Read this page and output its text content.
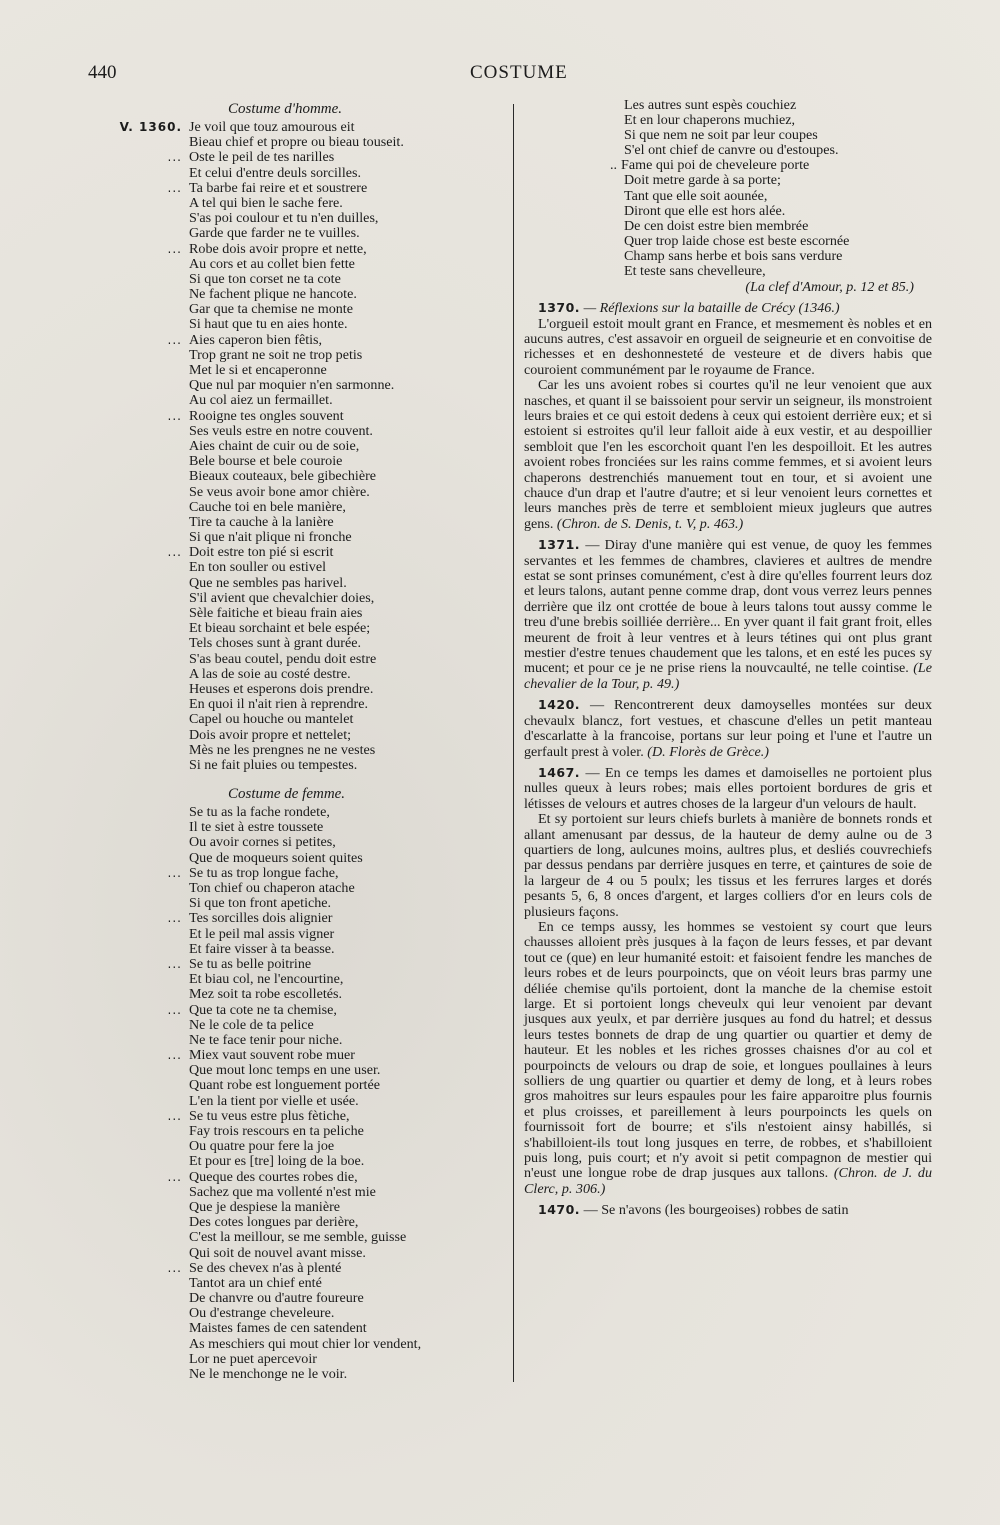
440	COSTUME
Costume d'homme.
V. 1360. Je voil que touz amourous eit
Bieau chief et propre ou bieau touseit.
... Oste le peil de tes narilles
Et celui d'entre deuls sorcilles.
... Ta barbe fai reire et et soustrere
A tel qui bien le sache fere.
S'as poi coulour et tu n'en duilles,
Garde que farder ne te vuilles.
... Robe dois avoir propre et nette,
Au cors et au collet bien fette
Si que ton corset ne ta cote
Ne fachent plique ne hancote.
Gar que ta chemise ne monte
Si haut que tu en aies honte.
... Aies caperon bien fêtis,
Trop grant ne soit ne trop petis
Met le si et encaperonne
Que nul par moquier n'en sarmonne.
Au col aiez un fermaillet.
... Rooigne tes ongles souvent
Ses veuls estre en notre couvent.
Aies chaint de cuir ou de soie,
Bele bourse et bele couroie
Bieaux couteaux, bele gibechière
Se veus avoir bone amor chière.
Cauche toi en bele manière,
Tire ta cauche à la lanière
Si que n'ait plique ni fronche
... Doit estre ton pié si escrit
En ton souller ou estivel
Que ne sembles pas harivel.
S'il avient que chevalchier doies,
Sèle faitiche et bieau frain aies
Et bieau sorchaint et bele espée;
Tels choses sunt à grant durée.
S'as beau coutel, pendu doit estre
A las de soie au costé destre.
Heuses et esperons dois prendre.
En quoi il n'ait rien à reprendre.
Capel ou houche ou mantelet
Dois avoir propre et nettelet;
Mès ne les prengnes ne ne vestes
Si ne fait pluies ou tempestes.
Costume de femme.
Se tu as la fache rondete,
Il te siet à estre toussete
Ou avoir cornes si petites,
Que de moqueurs soient quites
... Se tu as trop longue fache,
Ton chief ou chaperon atache
Si que ton front apetiche.
... Tes sorcilles dois alignier
Et le peil mal assis vigner
Et faire visser à ta beasse.
... Se tu as belle poitrine
Et biau col, ne l'encourtine,
Mez soit ta robe escolletés.
... Que ta cote ne ta chemise,
Ne le cole de ta pelice
Ne te face tenir pour niche.
... Miex vaut souvent robe muer
Que mout lonc temps en une user.
Quant robe est longuement portée
L'en la tient por vielle et usée.
... Se tu veus estre plus fètiche,
Fay trois rescours en ta peliche
Ou quatre pour fere la joe
Et pour es [tre] loing de la boe.
... Queque des courtes robes die,
Sachez que ma vollenté n'est mie
Que je despiese la manière
Des cotes longues par derière,
C'est la meillour, se me semble, guisse
Qui soit de nouvel avant misse.
... Se des chevex n'as à plenté
Tantot ara un chief enté
De chanvre ou d'autre foureure
Ou d'estrange cheveleure.
Maistes fames de cen satendent
As meschiers qui mout chier lor vendent,
Lor ne puet apercevoir
Ne le menchonge ne le voir.
Les autres sunt espès couchiez
Et en lour chaperons muchiez,
Si que nem ne soit par leur coupes
S'el ont chief de canvre ou d'estoupes.
.. Fame qui poi de cheveleure porte
Doit metre garde à sa porte;
Tant que elle soit aounée,
Diront que elle est hors alée.
De cen doist estre bien membrée
Quer trop laide chose est beste escornée
Champ sans herbe et bois sans verdure
Et teste sans chevelleure,
(La clef d'Amour, p. 12 et 85.)

1370. — Réflexions sur la bataille de Crécy (1346.)

L'orgueil estoit moult grant en France, et mesmement ès nobles et en aucuns autres, c'est assavoir en orgueil de seigneurie et en convoitise de richesses et en deshonnesteté de vesteure et de divers habis que couroient communément par le royaume de France.

Car les uns avoient robes si courtes qu'il ne leur venoient que aux nasches, et quant il se baissoient pour servir un seigneur, ils monstroient leurs braies et ce qui estoit dedens à ceux qui estoient derrière eux; et si estoient si estroites qu'il leur falloit aide à eux vestir, et au despoillier sembloit que l'en les escorchoit quant l'en les despoilloit. Et les autres avoient robes fronciées sur les rains comme femmes, et si avoient leurs chaperons destrenchiés manuement tout en tour, et si avoient une chauce d'un drap et l'autre d'autre; et si leur venoient leurs cornettes et leurs manches près de terre et sembloient mieux jugleurs que autres gens. (Chron. de S. Denis, t. V, p. 463.)

1371. — Diray d'une manière qui est venue, de quoy les femmes servantes et les femmes de chambres, clavieres et aultres de mendre estat se sont prinses comunément, c'est à dire qu'elles fourrent leurs doz et leurs talons, autant penne comme drap, dont vous verrez leurs pennes derrière que ilz ont crottée de boue à leurs talons tout aussy comme le treu d'une brebis soilliée derrière... En yver quant il fait grant froit, elles meurent de froit à leur ventres et à leurs tétines qui ont plus grant mestier d'estre tenues chaudement que les talons, et en esté les puces sy mucent; et pour ce je ne prise riens la nouvcaulté, ne telle cointise. (Le chevalier de la Tour, p. 49.)

1420. — Rencontrerent deux damoyselles montées sur deux chevaulx blancz, fort vestues, et chascune d'elles un petit manteau d'escarlatte à la francoise, portans sur leur poing et l'une et l'autre un gerfault prest à voler. (D. Florès de Grèce.)

1467. — En ce temps les dames et damoiselles ne portoient plus nulles queux à leurs robes; mais elles portoient bordures de gris et létisses de velours et autres choses de la largeur d'un velours de hault.

Et sy portoient sur leurs chiefs burlets à manière de bonnets ronds et allant amenusant par dessus, de la hauteur de demy aulne ou de 3 quartiers de long, aulcunes moins, aultres plus, et desliés couvrechiefs par dessus pendans par derrière jusques en terre, et çaintures de soie de la largeur de 4 ou 5 poulx; les tissus et les ferrures larges et dorés pesants 5, 6, 8 onces d'argent, et larges colliers d'or en leurs cols de plusieurs façons.

En ce temps aussy, les hommes se vestoient sy court que leurs chausses alloient près jusques à la façon de leurs fesses, et par devant tout ce (que) en leur humanité estoit: et faisoient fendre les manches de leurs robes et de leurs pourpoincts, que on véoit leurs bras parmy une déliée chemise qu'ils portoient, dont la manche de la chemise estoit large. Et si portoient longs cheveulx qui leur venoient par devant jusques aux yeulx, et par derrière jusques au fond du hatrel; et dessus leurs testes bonnets de drap de ung quartier ou quartier et demy de hauteur. Et les nobles et les riches grosses chaisnes d'or au col et pourpoincts de velours ou drap de soie, et longues poullaines à leurs solliers de ung quartier ou quartier et demy de long, et à leurs robes gros mahoitres sur leurs espaules pour les faire apparoitre plus fournis et plus croisses, et pareillement à leurs pourpoincts les quels on fournissoit fort de bourre; et s'ils n'estoient ainsy habillés, si s'habilloient-ils tout long jusques en terre, de robbes, et s'habilloient puis long, puis court; et n'y avoit si petit compagnon de mestier qui n'eust une longue robe de drap jusques aux tallons. (Chron. de J. du Clerc, p. 306.)

1470. — Se n'avons (les bourgeoises) robbes de satin
